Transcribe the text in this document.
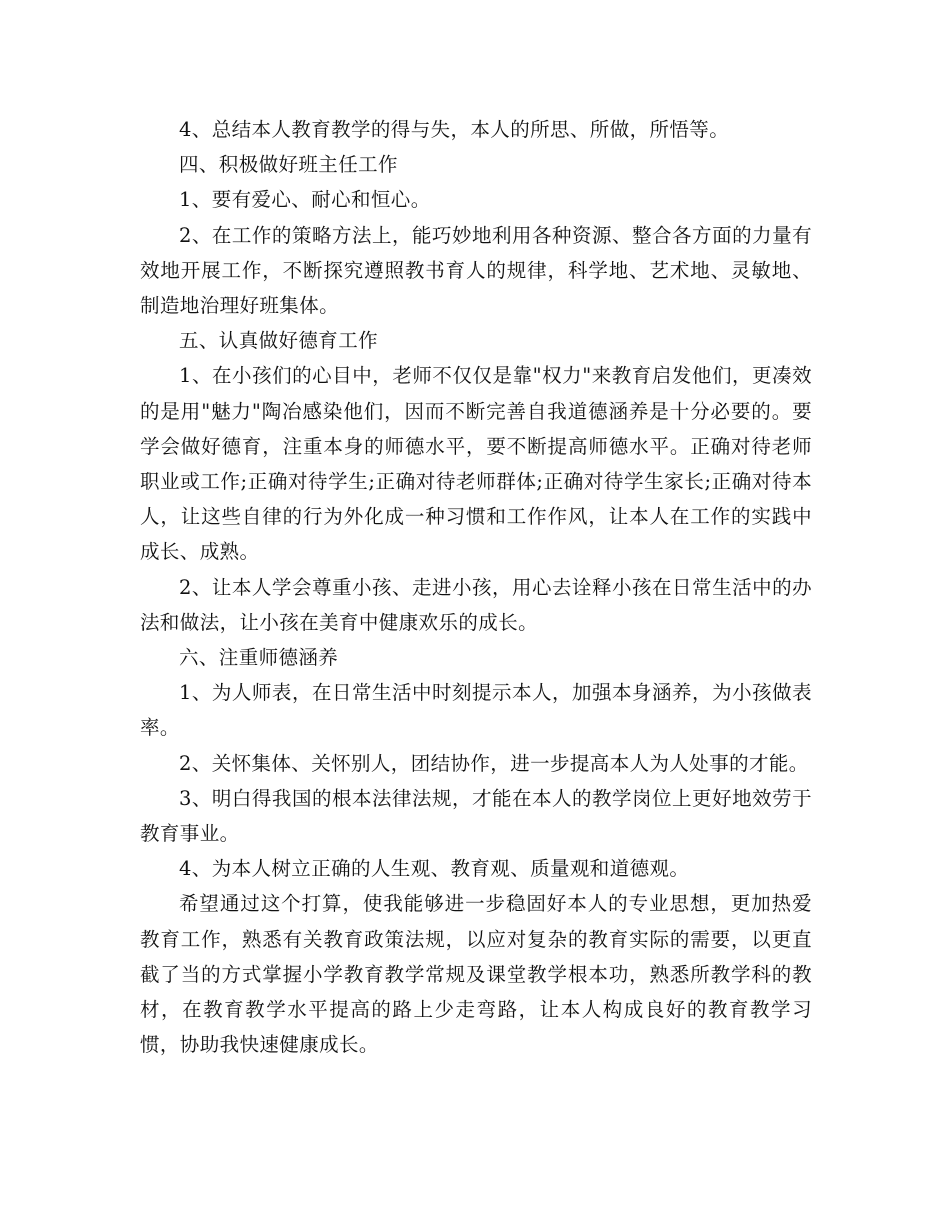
4、总结本人教育教学的得与失，本人的所思、所做，所悟等。

四、积极做好班主任工作

1、要有爱心、耐心和恒心。

2、在工作的策略方法上，能巧妙地利用各种资源、整合各方面的力量有效地开展工作，不断探究遵照教书育人的规律，科学地、艺术地、灵敏地、制造地治理好班集体。

五、认真做好德育工作

1、在小孩们的心目中，老师不仅仅是靠"权力"来教育启发他们，更凑效的是用"魅力"陶冶感染他们，因而不断完善自我道德涵养是十分必要的。要学会做好德育，注重本身的师德水平，要不断提高师德水平。正确对待老师职业或工作;正确对待学生;正确对待老师群体;正确对待学生家长;正确对待本人，让这些自律的行为外化成一种习惯和工作作风，让本人在工作的实践中成长、成熟。

2、让本人学会尊重小孩、走进小孩，用心去诠释小孩在日常生活中的办法和做法，让小孩在美育中健康欢乐的成长。

六、注重师德涵养

1、为人师表，在日常生活中时刻提示本人，加强本身涵养，为小孩做表率。

2、关怀集体、关怀别人，团结协作，进一步提高本人为人处事的才能。

3、明白得我国的根本法律法规，才能在本人的教学岗位上更好地效劳于教育事业。

4、为本人树立正确的人生观、教育观、质量观和道德观。

希望通过这个打算，使我能够进一步稳固好本人的专业思想，更加热爱教育工作，熟悉有关教育政策法规，以应对复杂的教育实际的需要，以更直截了当的方式掌握小学教育教学常规及课堂教学根本功，熟悉所教学科的教材，在教育教学水平提高的路上少走弯路，让本人构成良好的教育教学习惯，协助我快速健康成长。
